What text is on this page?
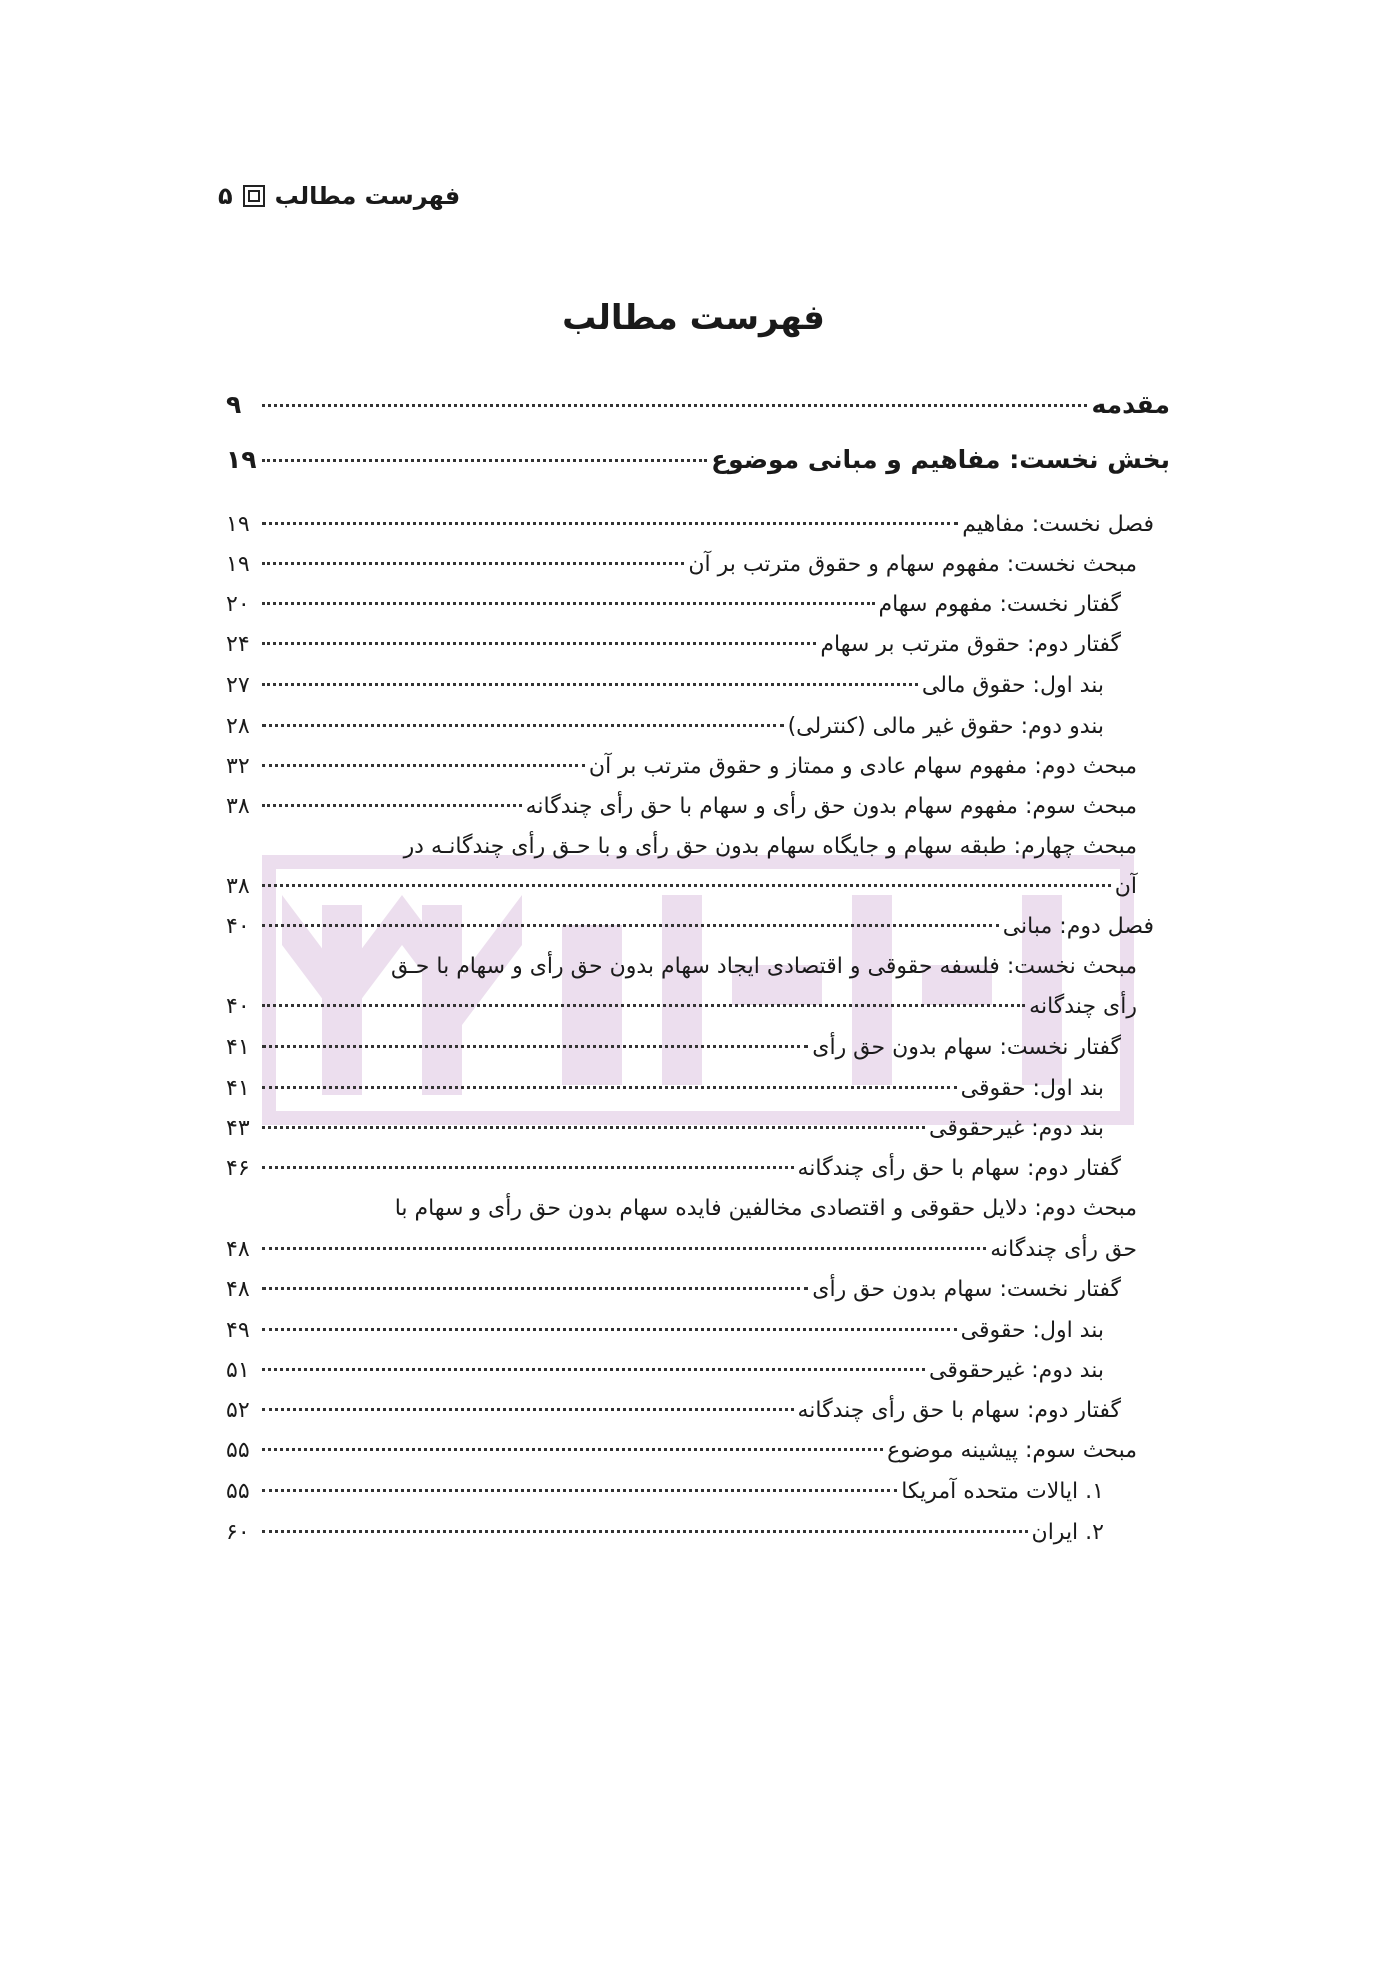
فهرست مطالب
۵
فهرست مطالب
مقدمه
۹
بخش نخست: مفاهیم و مبانی موضوع
۱۹
فصل نخست: مفاهیم
۱۹
مبحث نخست: مفهوم سهام و حقوق مترتب بر آن
۱۹
گفتار نخست: مفهوم سهام
۲۰
گفتار دوم: حقوق مترتب بر سهام
۲۴
بند اول: حقوق مالی
۲۷
بندو دوم: حقوق غیر مالی (کنترلی)
۲۸
مبحث دوم: مفهوم سهام عادی و ممتاز و حقوق مترتب بر آن
۳۲
مبحث سوم: مفهوم سهام بدون حق رأی و سهام با حق رأی چندگانه
۳۸
مبحث چهارم: طبقه سهام و جایگاه سهام بدون حق رأی و با حـق رأی چندگانـه در
آن
۳۸
فصل دوم: مبانی
۴۰
مبحث نخست: فلسفه حقوقی و اقتصادی ایجاد سهام بدون حق رأی و سهام با حـق
رأی چندگانه
۴۰
گفتار نخست: سهام بدون حق رأی
۴۱
بند اول: حقوقی
۴۱
بند دوم: غیرحقوقی
۴۳
گفتار دوم: سهام با حق رأی چندگانه
۴۶
مبحث دوم: دلایل حقوقی و اقتصادی مخالفین فایده سهام بدون حق رأی و سهام با
حق رأی چندگانه
۴۸
گفتار نخست: سهام بدون حق رأی
۴۸
بند اول: حقوقی
۴۹
بند دوم: غیرحقوقی
۵۱
گفتار دوم: سهام با حق رأی چندگانه
۵۲
مبحث سوم: پیشینه موضوع
۵۵
۱. ایالات متحده آمریکا
۵۵
۲. ایران
۶۰
